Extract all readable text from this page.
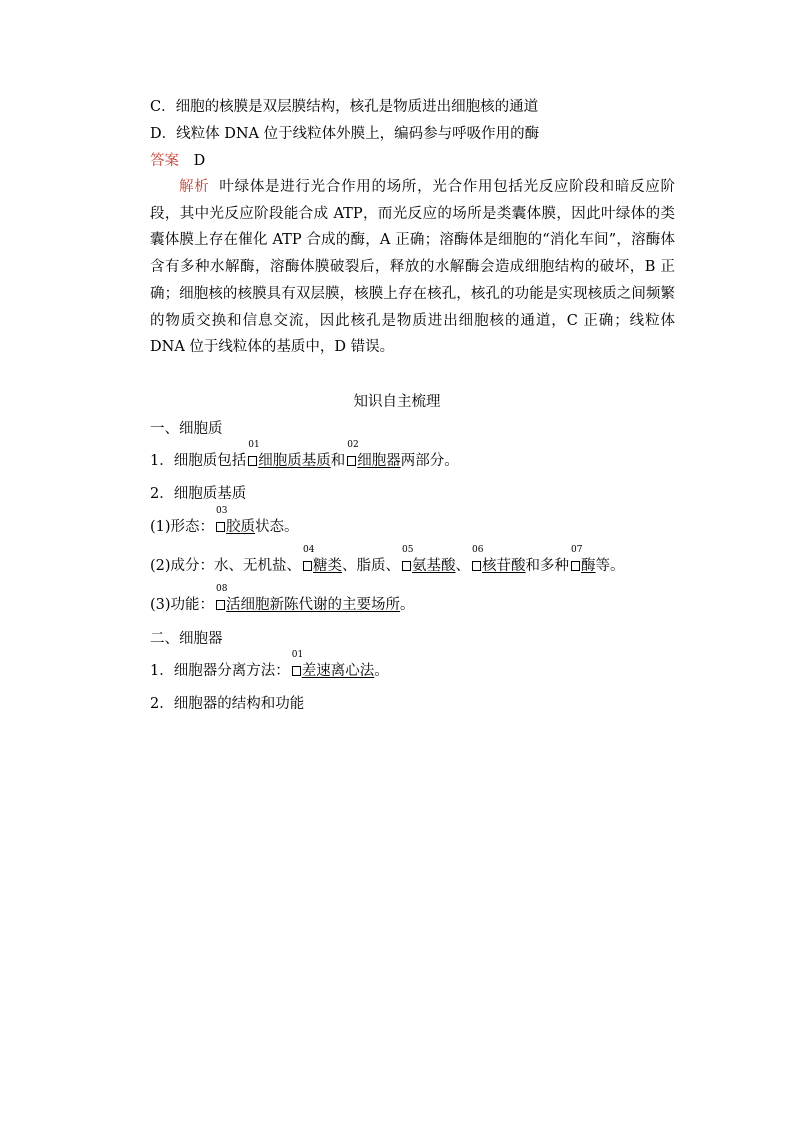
C．细胞的核膜是双层膜结构，核孔是物质进出细胞核的通道
D．线粒体 DNA 位于线粒体外膜上，编码参与呼吸作用的酶
答案 D
解析 叶绿体是进行光合作用的场所，光合作用包括光反应阶段和暗反应阶段，其中光反应阶段能合成 ATP，而光反应的场所是类囊体膜，因此叶绿体的类囊体膜上存在催化 ATP 合成的酶，A 正确；溶酶体是细胞的“消化车间”，溶酶体含有多种水解酶，溶酶体膜破裂后，释放的水解酶会造成细胞结构的破坏，B 正确；细胞核的核膜具有双层膜，核膜上存在核孔，核孔的功能是实现核质之间频繁的物质交换和信息交流，因此核孔是物质进出细胞核的通道，C 正确；线粒体 DNA 位于线粒体的基质中，D 错误。
知识自主梳理
一、细胞质
1．细胞质包括
01
细胞质基质和
02
细胞器两部分。
2．细胞质基质
(1)形态：
03
胶质状态。
(2)成分：水、无机盐、
04
糖类、脂质、
05
氨基酸、
06
核苷酸和多种
07
酶等。
(3)功能：
08
活细胞新陈代谢的主要场所。
二、细胞器
1．细胞器分离方法：
01
差速离心法。
2．细胞器的结构和功能
